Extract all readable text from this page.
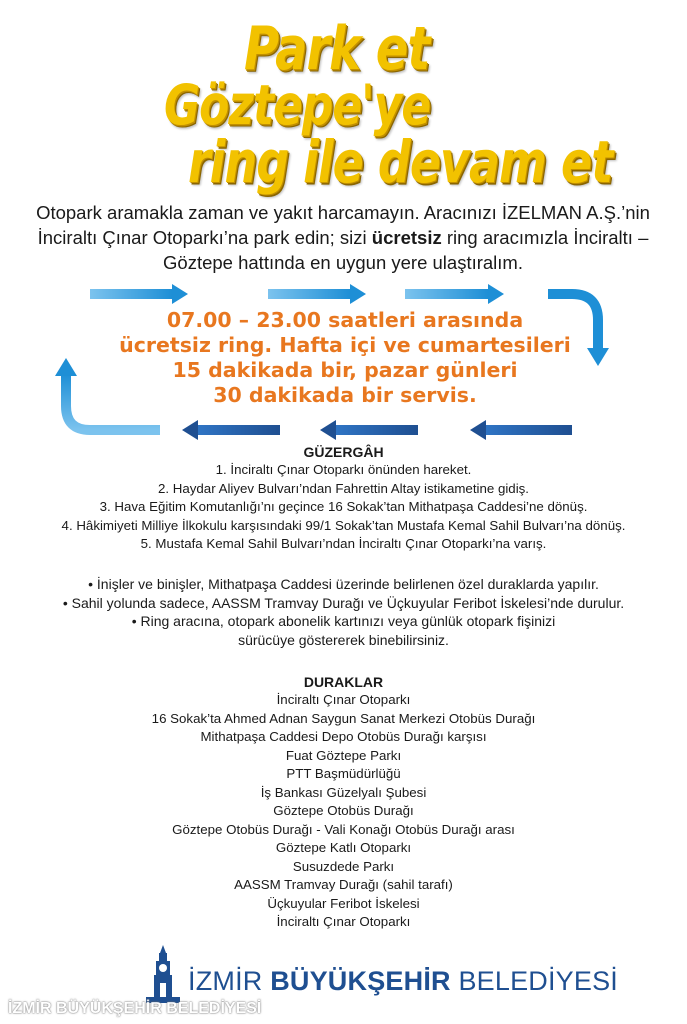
Park et
Göztepe'ye
ring ile devam et
Otopark aramakla zaman ve yakıt harcamayın. Aracınızı İZELMAN A.Ş.’nin İnciraltı Çınar Otoparkı’na park edin; sizi ücretsiz ring aracımızla İnciraltı – Göztepe hattında en uygun yere ulaştıralım.
07.00 – 23.00 saatleri arasında
ücretsiz ring. Hafta içi ve cumartesileri
15 dakikada bir, pazar günleri
30 dakikada bir servis.
GÜZERGÂH
1. İnciraltı Çınar Otoparkı önünden hareket.
2. Haydar Aliyev Bulvarı’ndan Fahrettin Altay istikametine gidiş.
3. Hava Eğitim Komutanlığı’nı geçince 16 Sokak’tan Mithatpaşa Caddesi’ne dönüş.
4. Hâkimiyeti Milliye İlkokulu karşısındaki 99/1 Sokak’tan Mustafa Kemal Sahil Bulvarı’na dönüş.
5. Mustafa Kemal Sahil Bulvarı’ndan İnciraltı Çınar Otoparkı’na varış.
• İnişler ve binişler, Mithatpaşa Caddesi üzerinde belirlenen özel duraklarda yapılır.
• Sahil yolunda sadece, AASSM Tramvay Durağı ve Üçkuyular Feribot İskelesi’nde durulur.
• Ring aracına, otopark abonelik kartınızı veya günlük otopark fişinizi sürücüye göstererek binebilirsiniz.
DURAKLAR
İnciraltı Çınar Otoparkı
16 Sokak’ta Ahmed Adnan Saygun Sanat Merkezi Otobüs Durağı
Mithatpaşa Caddesi Depo Otobüs Durağı karşısı
Fuat Göztepe Parkı
PTT Başmüdürlüğü
İş Bankası Güzelyalı Şubesi
Göztepe Otobüs Durağı
Göztepe Otobüs Durağı - Vali Konağı Otobüs Durağı arası
Göztepe Katlı Otoparkı
Susuzdede Parkı
AASSM Tramvay Durağı (sahil tarafı)
Üçkuyular Feribot İskelesi
İnciraltı Çınar Otoparkı
İZMİR BÜYÜKŞEHİR BELEDİYESİ
İZMİR BÜYÜKŞEHİR BELEDİYESİ
